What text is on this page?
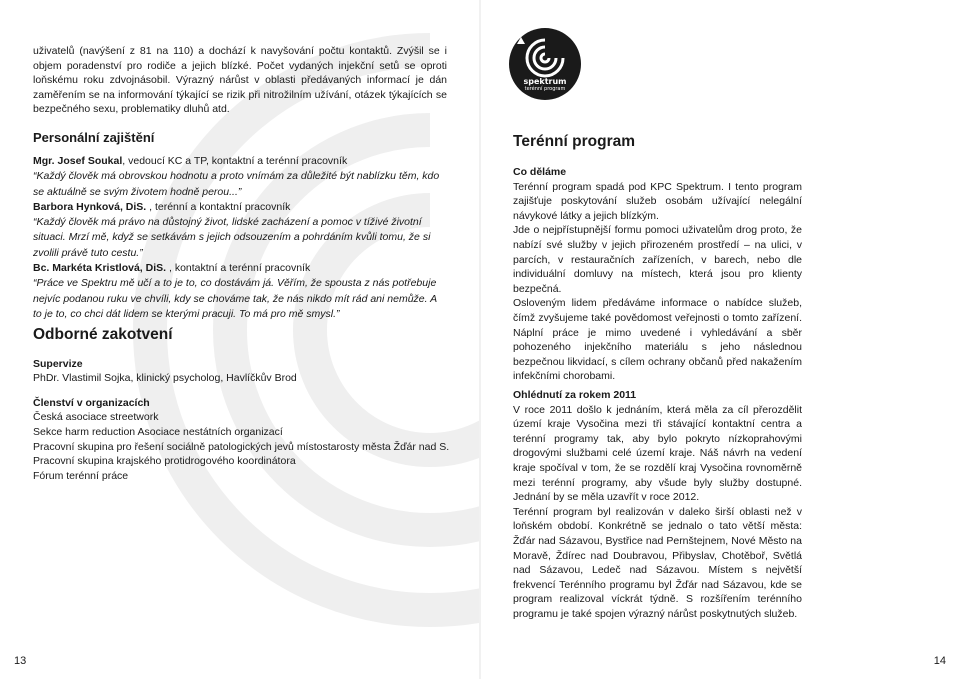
uživatelů (navýšení z 81 na 110) a dochází k navyšování počtu kontaktů. Zvýšil se i objem poradenství pro rodiče a jejich blízké. Počet vydaných injekční setů se oproti loňskému roku zdvojnásobil. Výrazný nárůst v oblasti předávaných informací je dán zaměřením se na informování týkající se rizik při nitrožilním užívání, otázek týkajících se bezpečného sexu, problematiky dluhů atd.

Personální zajištění

Mgr. Josef Soukal, vedoucí KC a TP, kontaktní a terénní pracovník

“Každý člověk má obrovskou hodnotu a proto vnímám za důležité být nablízku těm, kdo se aktuálně se svým životem hodně perou...”

Barbora Hynková, DiS. , terénní a kontaktní pracovník

“Každý člověk má právo na důstojný život, lidské zacházení a pomoc v tíživé životní situaci. Mrzí mě, když se setkávám s jejich odsouzením a pohrdáním kvůli tomu, že si zvolili právě tuto cestu.”

Bc. Markéta Kristlová, DiS. , kontaktní a terénní pracovník

“Práce ve Spektru mě učí a to je to, co dostávám já. Věřím, že spousta z nás potřebuje nejvíc podanou ruku ve chvíli, kdy se chováme tak, že nás nikdo mít rád ani nemůže. A to je to, co chci dát lidem se kterými pracuji. To má pro mě smysl.”

Odborné zakotvení

Supervize

PhDr. Vlastimil Sojka, klinický psycholog, Havlíčkův Brod

Členství v organizacích

Česká asociace streetwork

Sekce harm reduction Asociace nestátních organizací

Pracovní skupina pro řešení sociálně patologických jevů místostarosty města Žďár nad S.

Pracovní skupina krajského protidrogového koordinátora

Fórum terénní práce

13
spektrum
terénní program
Terénní program

Co děláme

Terénní program spadá pod KPC Spektrum. I tento program zajišťuje poskytování služeb osobám užívající nelegální návykové látky a jejich blízkým.

Jde o nejpřístupnější formu pomoci uživatelům drog proto, že nabízí své služby v jejich přirozeném prostředí – na ulici, v parcích, v restauračních zařízeních, v barech, nebo dle individuální domluvy na místech, která jsou pro klienty bezpečná.

Osloveným lidem předáváme informace o nabídce služeb, čímž zvyšujeme také povědomost veřejnosti o tomto zařízení. Náplní práce je mimo uvedené i vyhledávání a sběr pohozeného injekčního materiálu s jeho následnou bezpečnou likvidací, s cílem ochrany občanů před nakažením infekčními chorobami.

Ohlédnutí za rokem 2011

V roce 2011 došlo k jednáním, která měla za cíl přerozdělit území kraje Vysočina mezi tři stávající kontaktní centra a terénní programy tak, aby bylo pokryto nízkoprahovými drogovými službami celé území kraje. Náš návrh na vedení kraje spočíval v tom, že se rozdělí kraj Vysočina rovnoměrně mezi terénní programy, aby všude byly služby dostupné. Jednání by se měla uzavřít v roce 2012.

Terénní program byl realizován v daleko širší oblasti než v loňském období. Konkrétně se jednalo o tato větší města: Žďár nad Sázavou, Bystřice nad Pernštejnem, Nové Město na Moravě, Ždírec nad Doubravou, Přibyslav, Chotěboř, Světlá nad Sázavou, Ledeč nad Sázavou. Místem s největší frekvencí Terénního programu byl Žďár nad Sázavou, kde se program realizoval víckrát týdně. S rozšířením terénního programu je také spojen výrazný nárůst poskytnutých služeb.

14
